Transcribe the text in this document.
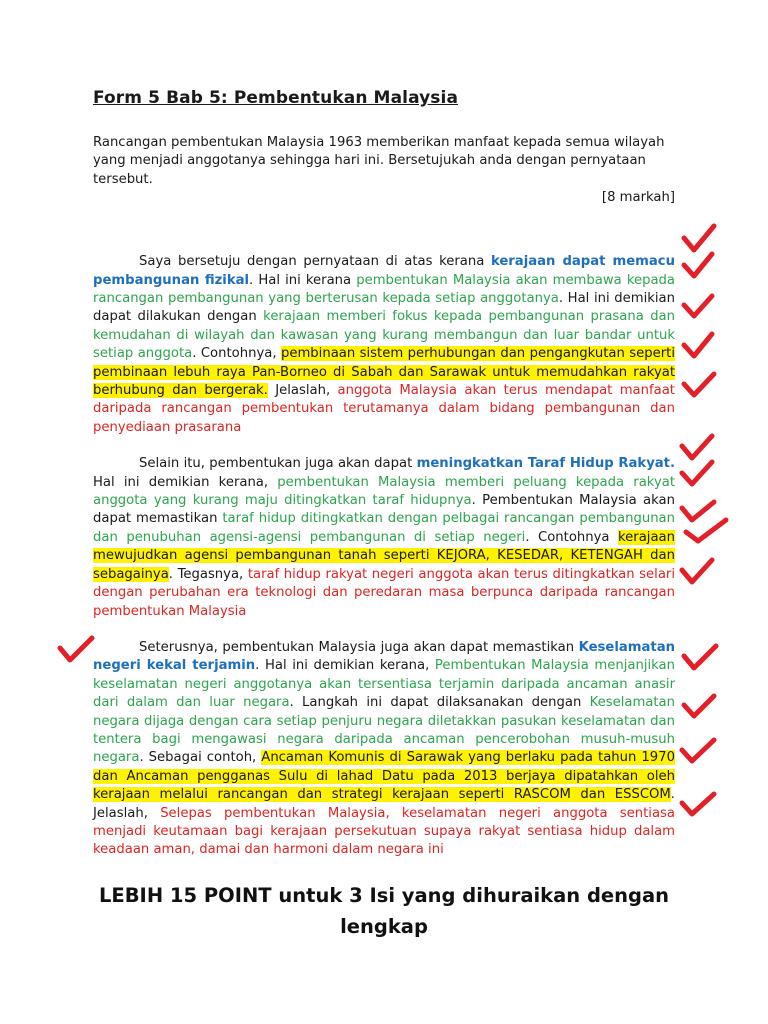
Form 5 Bab 5: Pembentukan Malaysia

Rancangan pembentukan Malaysia 1963 memberikan manfaat kepada semua wilayah yang menjadi anggotanya sehingga hari ini. Bersetujukah anda dengan pernyataan tersebut.

[8 markah]

Saya bersetuju dengan pernyataan di atas kerana kerajaan dapat memacu pembangunan fizikal. Hal ini kerana pembentukan Malaysia akan membawa kepada rancangan pembangunan yang berterusan kepada setiap anggotanya. Hal ini demikian dapat dilakukan dengan kerajaan memberi fokus kepada pembangunan prasana dan kemudahan di wilayah dan kawasan yang kurang membangun dan luar bandar untuk setiap anggota. Contohnya, pembinaan sistem perhubungan dan pengangkutan seperti pembinaan lebuh raya Pan-Borneo di Sabah dan Sarawak untuk memudahkan rakyat berhubung dan bergerak. Jelaslah, anggota Malaysia akan terus mendapat manfaat daripada rancangan pembentukan terutamanya dalam bidang pembangunan dan penyediaan prasarana

Selain itu, pembentukan juga akan dapat meningkatkan Taraf Hidup Rakyat. Hal ini demikian kerana, pembentukan Malaysia memberi peluang kepada rakyat anggota yang kurang maju ditingkatkan taraf hidupnya. Pembentukan Malaysia akan dapat memastikan taraf hidup ditingkatkan dengan pelbagai rancangan pembangunan dan penubuhan agensi-agensi pembangunan di setiap negeri. Contohnya kerajaan mewujudkan agensi pembangunan tanah seperti KEJORA, KESEDAR, KETENGAH dan sebagainya. Tegasnya, taraf hidup rakyat negeri anggota akan terus ditingkatkan selari dengan perubahan era teknologi dan peredaran masa berpunca daripada rancangan pembentukan Malaysia

Seterusnya, pembentukan Malaysia juga akan dapat memastikan Keselamatan negeri kekal terjamin. Hal ini demikian kerana, Pembentukan Malaysia menjanjikan keselamatan negeri anggotanya akan tersentiasa terjamin daripada ancaman anasir dari dalam dan luar negara. Langkah ini dapat dilaksanakan dengan Keselamatan negara dijaga dengan cara setiap penjuru negara diletakkan pasukan keselamatan dan tentera bagi mengawasi negara daripada ancaman pencerobohan musuh-musuh negara. Sebagai contoh, Ancaman Komunis di Sarawak yang berlaku pada tahun 1970 dan Ancaman pengganas Sulu di lahad Datu pada 2013 berjaya dipatahkan oleh kerajaan melalui rancangan dan strategi kerajaan seperti RASCOM dan ESSCOM. Jelaslah, Selepas pembentukan Malaysia, keselamatan negeri anggota sentiasa menjadi keutamaan bagi kerajaan persekutuan supaya rakyat sentiasa hidup dalam keadaan aman, damai dan harmoni dalam negara ini

LEBIH 15 POINT untuk 3 Isi yang dihuraikan dengan lengkap
